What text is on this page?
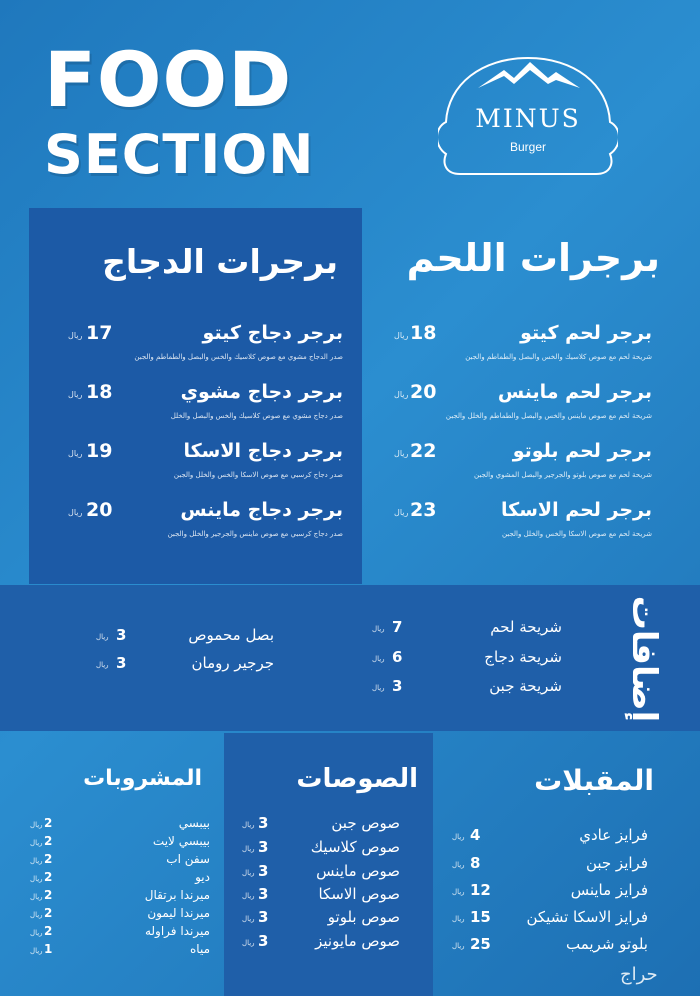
FOOD
SECTION
MINUS
Burger
برجرات اللحم
برجر لحم كيتو
18
ريال
شريحة لحم مع صوص كلاسيك والخس والبصل والطماطم والجبن
برجر لحم ماينس
20
ريال
شريحة لحم مع صوص ماينس والخس والبصل والطماطم والخلل والجبن
برجر لحم بلوتو
22
ريال
شريحة لحم مع صوص بلوتو والجرجير والبصل المشوي والجبن
برجر لحم الاسكا
23
ريال
شريحة لحم مع صوص الاسكا والخس والخلل والجبن
برجرات الدجاج
برجر دجاج كيتو
17
ريال
صدر الدجاج مشوي مع صوص كلاسيك والخس والبصل والطماطم والجبن
برجر دجاج مشوي
18
ريال
صدر دجاج مشوي مع صوص كلاسيك والخس والبصل والخلل
برجر دجاج الاسكا
19
ريال
صدر دجاج كرسبي مع صوص الاسكا والخس والخلل والجبن
برجر دجاج ماينس
20
ريال
صدر دجاج كرسبي مع صوص ماينس والجرجير والخلل والجبن
إضافات
شريحة لحم
7
ريال
شريحة دجاج
6
ريال
شريحة جبن
3
ريال
بصل محموص
3
ريال
جرجير رومان
3
ريال
المقبلات
فرايز عادي
4
ريال
فرايز جبن
8
ريال
فرايز ماينس
12
ريال
فرايز الاسكا تشيكن
15
ريال
بلوتو شريمب
25
ريال
الصوصات
صوص جبن
3
ريال
صوص كلاسيك
3
ريال
صوص ماينس
3
ريال
صوص الاسكا
3
ريال
صوص بلوتو
3
ريال
صوص مايونيز
3
ريال
المشروبات
بيبسي
2
ريال
بيبسي لايت
2
ريال
سفن اب
2
ريال
ديو
2
ريال
ميرندا برتقال
2
ريال
ميرندا ليمون
2
ريال
ميرندا فراوله
2
ريال
مياه
1
ريال
حراج
